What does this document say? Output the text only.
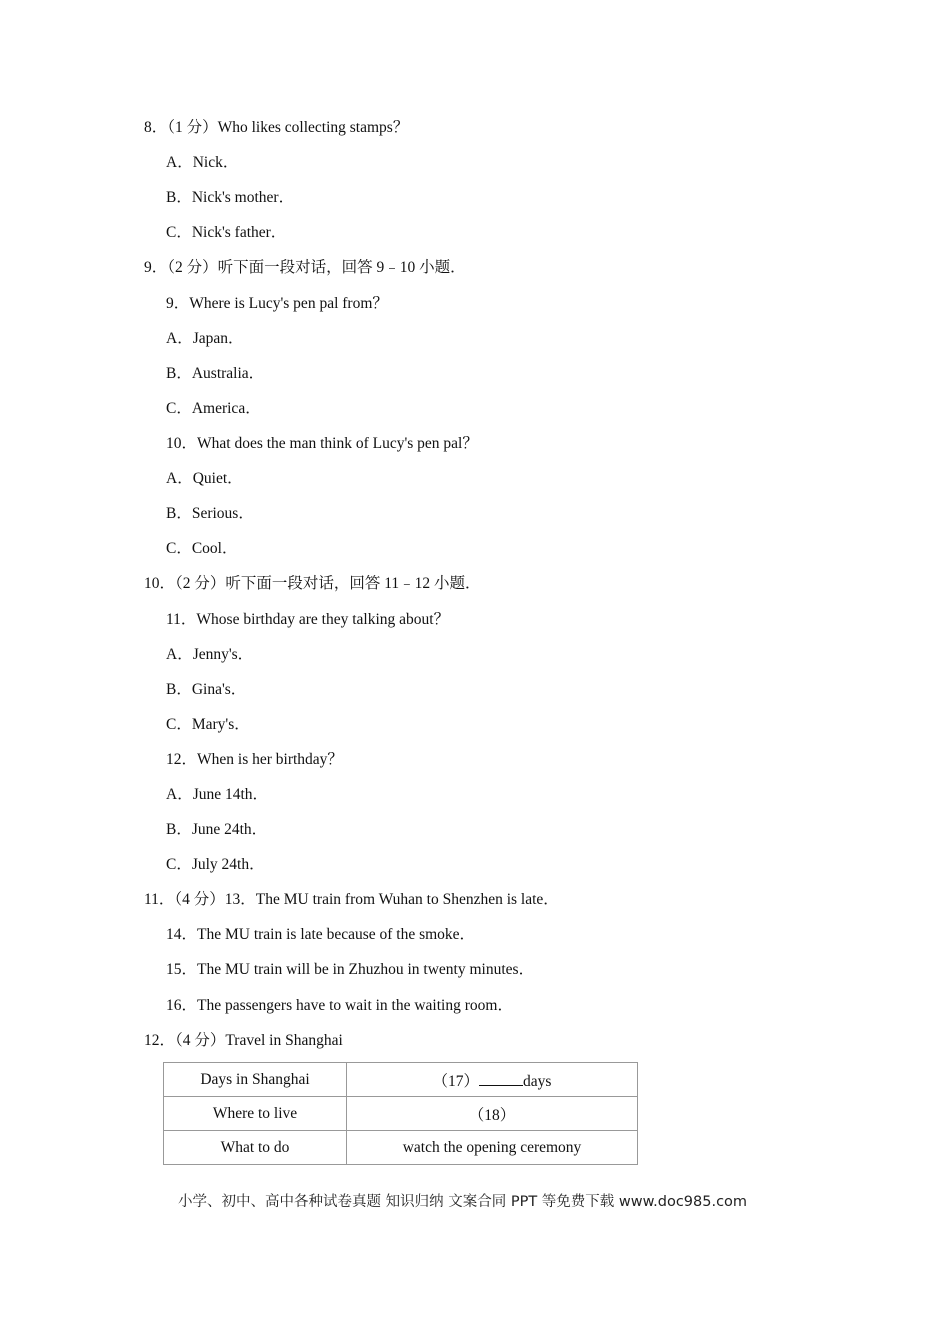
8．（1 分）Who likes collecting stamps？
A．Nick．
B．Nick's mother．
C．Nick's father．
9．（2 分）听下面一段对话，回答 9﹣10 小题．
9．Where is Lucy's pen pal from？
A．Japan．
B．Australia．
C．America．
10．What does the man think of Lucy's pen pal？
A．Quiet．
B．Serious．
C．Cool．
10．（2 分）听下面一段对话，回答 11﹣12 小题．
11．Whose birthday are they talking about？
A．Jenny's．
B．Gina's．
C．Mary's．
12．When is her birthday？
A．June 14th．
B．June 24th．
C．July 24th．
11．（4 分）13．The MU train from Wuhan to Shenzhen is late．
14．The MU train is late because of the smoke．
15．The MU train will be in Zhuzhou in twenty minutes．
16．The passengers have to wait in the waiting room．
12．（4 分）Travel in Shanghai
Days in Shanghai	（17） days
Where to live	（18）
What to do	watch the opening ceremony
小学、初中、高中各种试卷真题 知识归纳 文案合同 PPT 等免费下载 www.doc985.com
